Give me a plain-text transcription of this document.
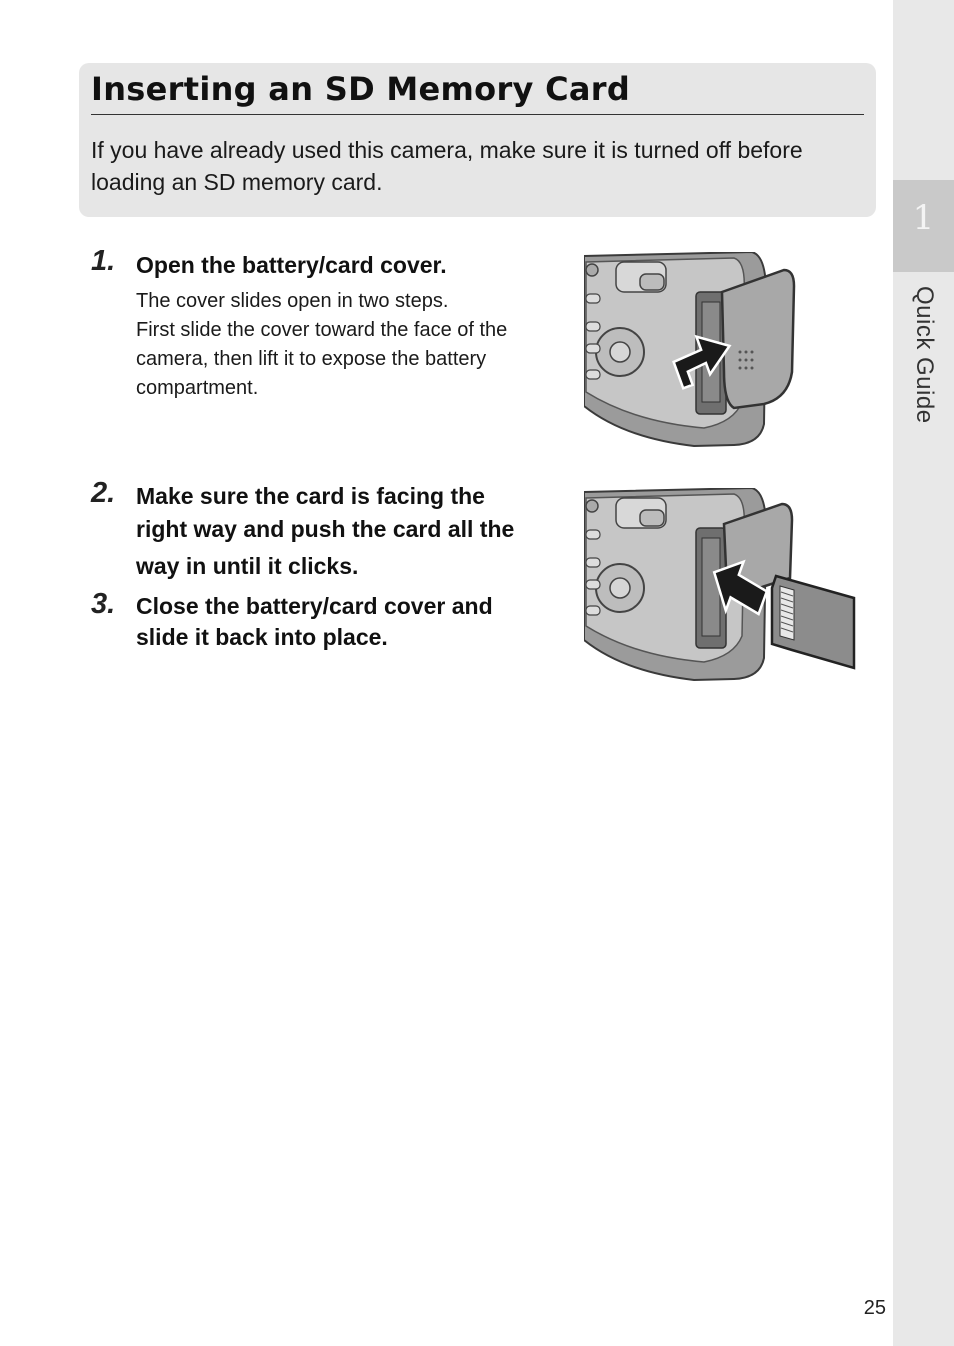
1
Quick Guide
Inserting an SD Memory Card
If you have already used this camera, make sure it is turned off before loading an SD memory card.
1. Open the battery/card cover.
The cover slides open in two steps.
First slide the cover toward the face of the camera, then lift it to expose the battery compartment.
2. Make sure the card is facing the
right way and push the card all the
way in until it clicks.
3. Close the battery/card cover and
slide it back into place.
25
